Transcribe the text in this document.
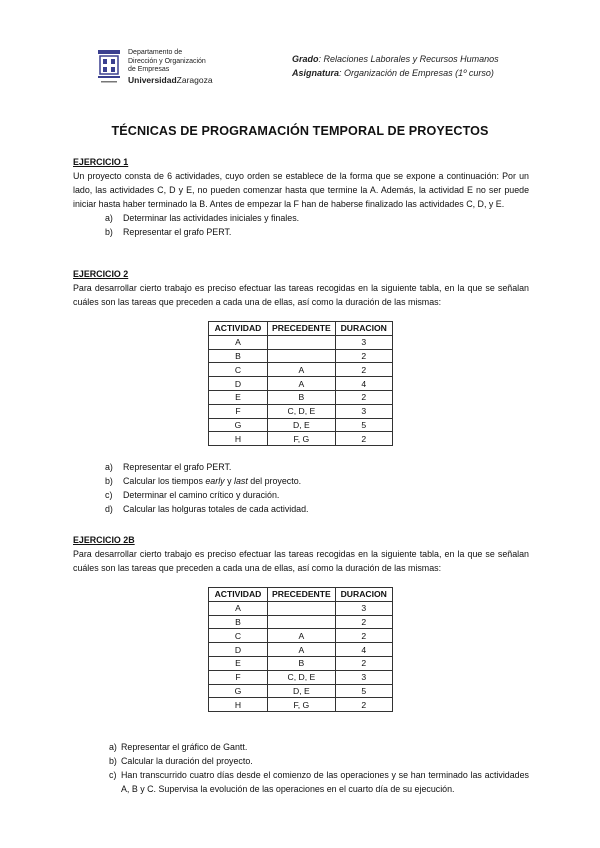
Departamento de
Dirección y Organización
de Empresas
UniversidadZaragoza
Grado: Relaciones Laborales y Recursos Humanos
Asignatura: Organización de Empresas (1º curso)
TÉCNICAS DE PROGRAMACIÓN TEMPORAL DE PROYECTOS
EJERCICIO 1

Un proyecto consta de 6 actividades, cuyo orden se establece de la forma que se expone a continuación: Por un lado, las actividades C, D y E, no pueden comenzar hasta que termine la A. Además, la actividad E no ser puede iniciar hasta haber terminado la B. Antes de empezar la F han de haberse finalizado las actividades C, D, y E.

a) Determinar las actividades iniciales y finales.
b) Representar el grafo PERT.
EJERCICIO 2

Para desarrollar cierto trabajo es preciso efectuar las tareas recogidas en la siguiente tabla, en la que se señalan cuáles son las tareas que preceden a cada una de ellas, así como la duración de las mismas:

ACTIVIDAD	PRECEDENTE	DURACION
A		3
B		2
C	A	2
D	A	4
E	B	2
F	C, D, E	3
G	D, E	5
H	F, G	2
a) Representar el grafo PERT.
b) Calcular los tiempos early y last del proyecto.
c) Determinar el camino crítico y duración.
d) Calcular las holguras totales de cada actividad.
EJERCICIO 2B

Para desarrollar cierto trabajo es preciso efectuar las tareas recogidas en la siguiente tabla, en la que se señalan cuáles son las tareas que preceden a cada una de ellas, así como la duración de las mismas:

ACTIVIDAD	PRECEDENTE	DURACION
A		3
B		2
C	A	2
D	A	4
E	B	2
F	C, D, E	3
G	D, E	5
H	F, G	2
a) Representar el gráfico de Gantt.
b) Calcular la duración del proyecto.
c) Han transcurrido cuatro días desde el comienzo de las operaciones y se han terminado las actividades A, B y C. Supervisa la evolución de las operaciones en el cuarto día de su ejecución.
